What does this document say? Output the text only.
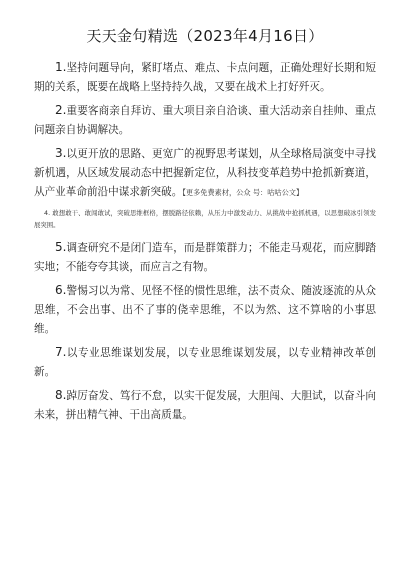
天天金句精选（2023年4月16日）

1.坚持问题导向，紧盯堵点、难点、卡点问题，正确处理好长期和短期的关系，既要在战略上坚持持久战，又要在战术上打好歼灭。

2.重要客商亲自拜访、重大项目亲自洽谈、重大活动亲自挂帅、重点问题亲自协调解决。

3.以更开放的思路、更宽广的视野思考谋划，从全球格局演变中寻找新机遇，从区域发展动态中把握新定位，从科技变革趋势中抢抓新赛道，从产业革命前沿中谋求新突破。【更多免费素材，公众 号：咕咕公文】

4. 敢想敢干、敢闯敢试，突破思维框格，摆脱路径依赖，从压力中激发动力、从挑战中抢抓机遇，以思想破冰引领发展突围。

5.调查研究不是闭门造车，而是群策群力；不能走马观花，而应脚踏实地；不能夸夸其谈，而应言之有物。

6.警惕习以为常、见怪不怪的惯性思维，法不责众、随波逐流的从众思维，不会出事、出不了事的侥幸思维，不以为然、这不算啥的小事思维。

7.以专业思维谋划发展，以专业思维谋划发展，以专业精神改革创新。

8.踔厉奋发、笃行不怠，以实干促发展，大胆闯、大胆试，以奋斗向未来，拼出精气神、干出高质量。
